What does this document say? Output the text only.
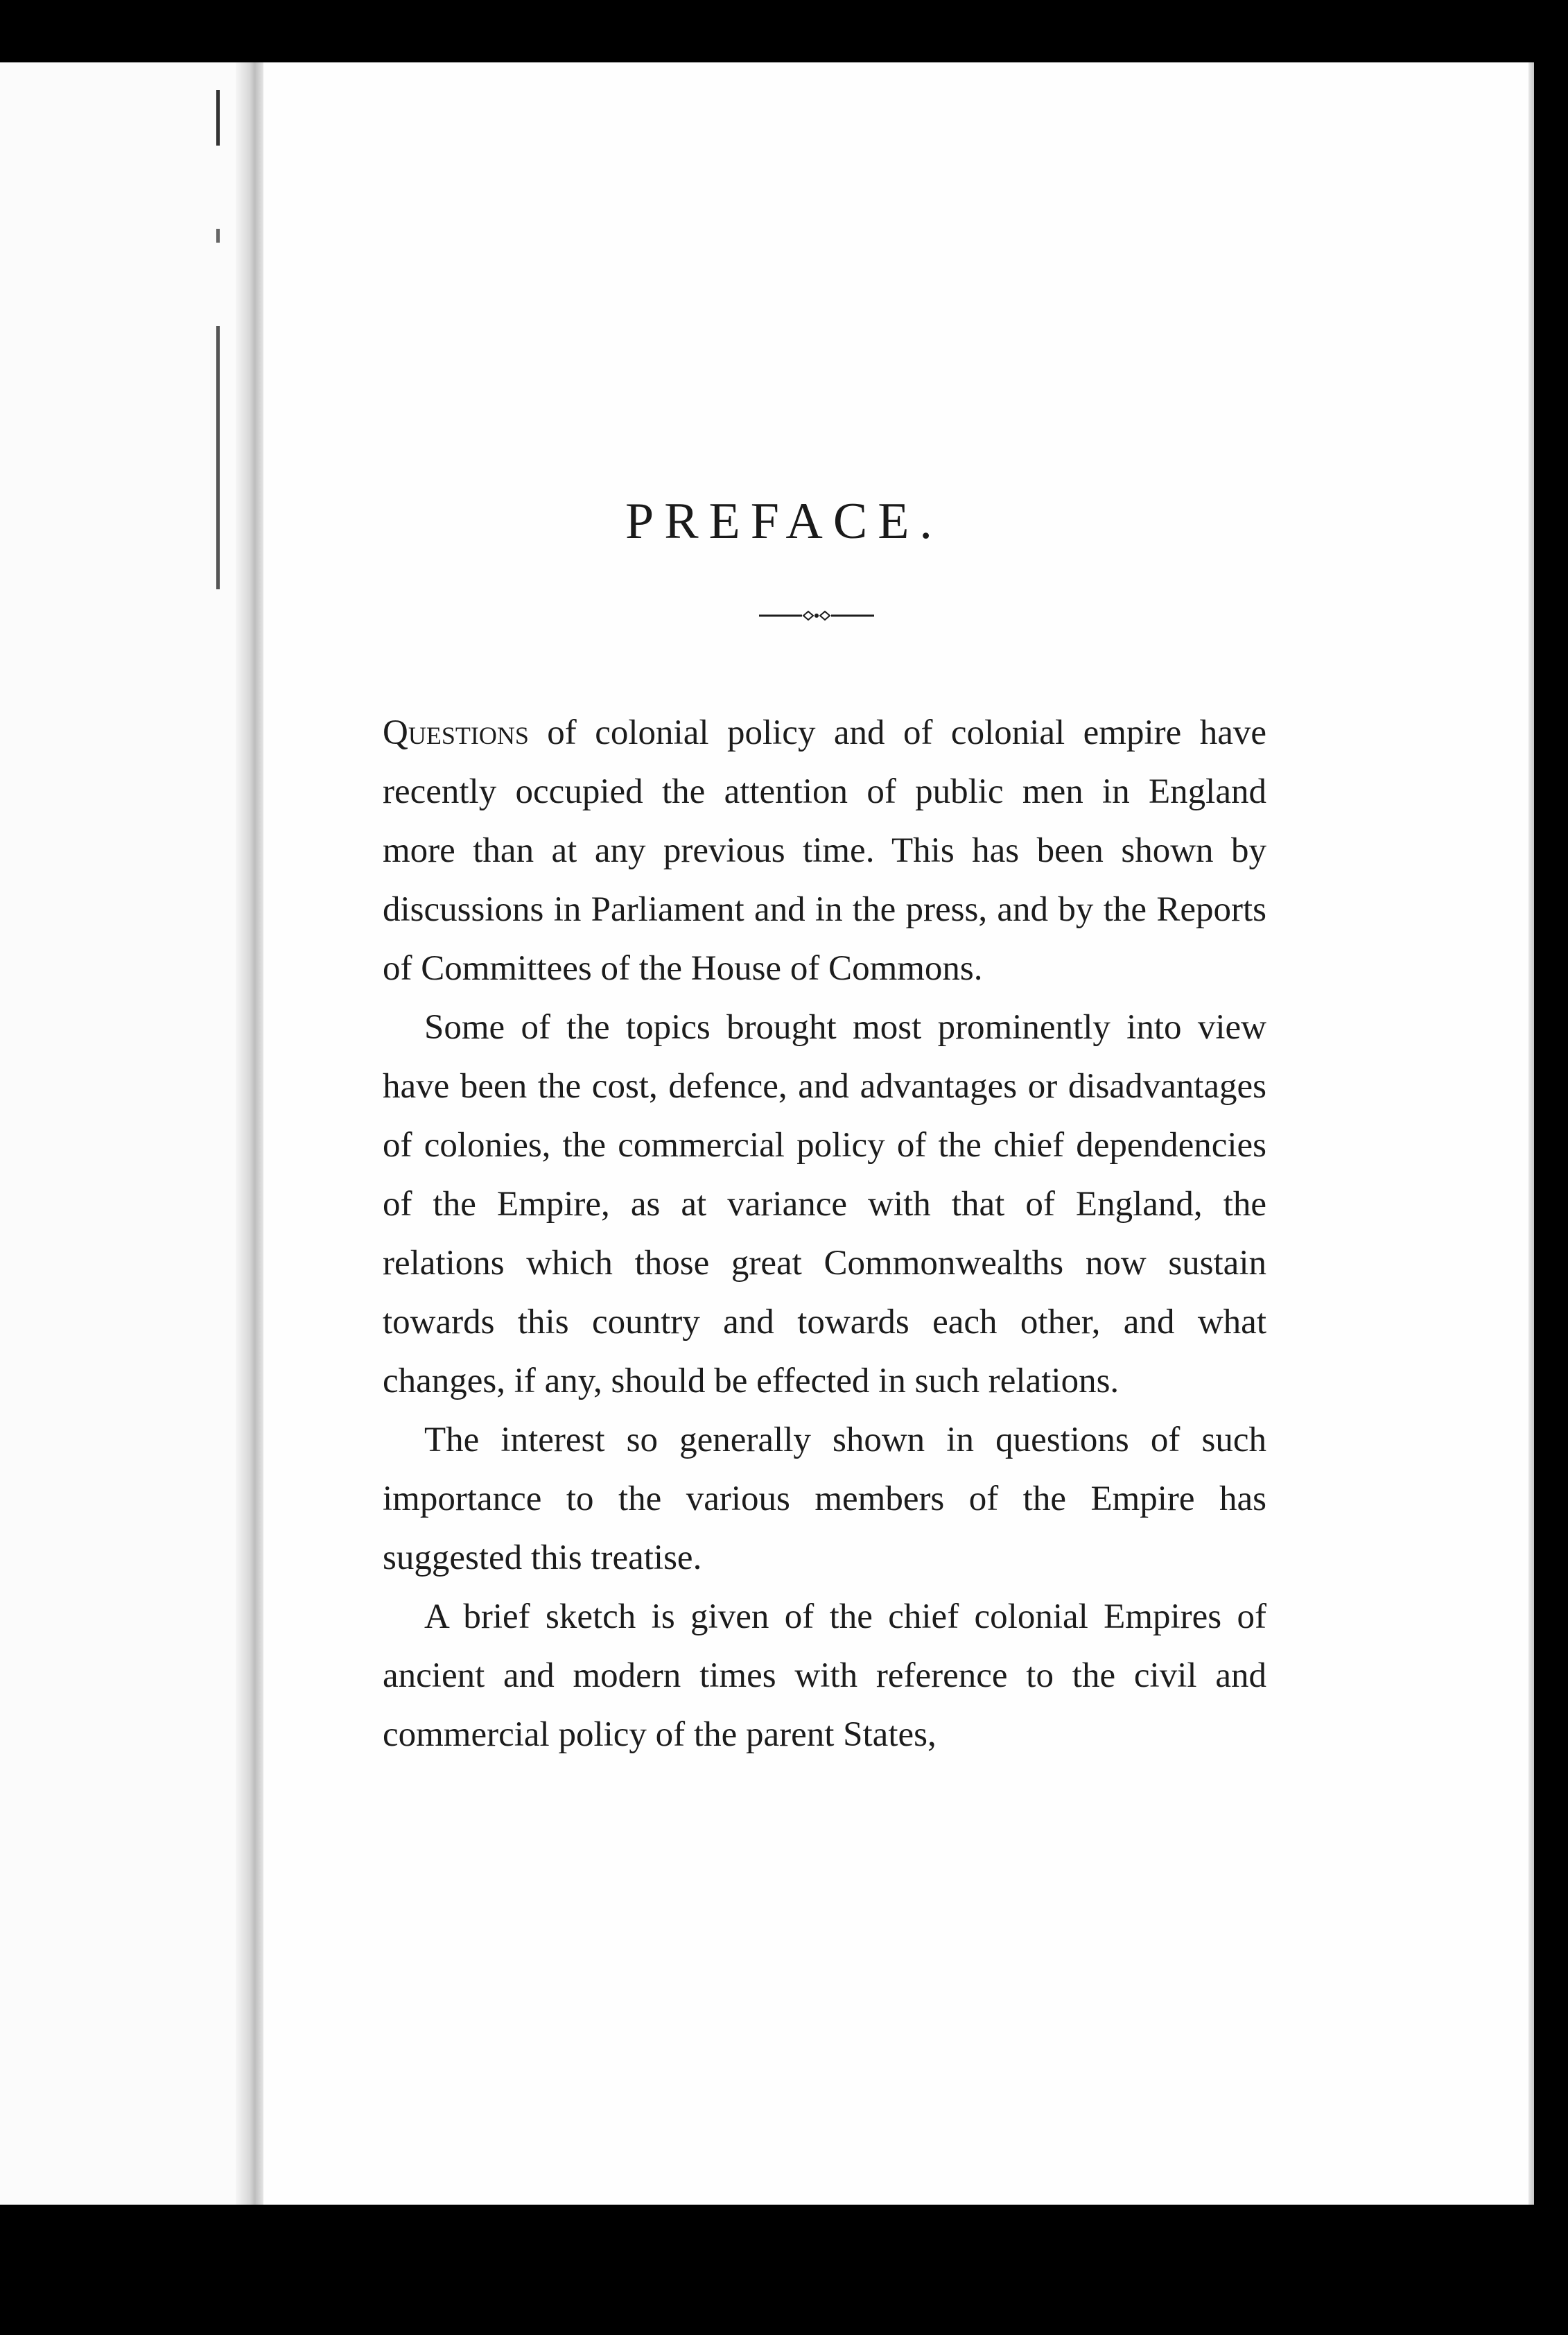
PREFACE.

Questions of colonial policy and of colonial empire have recently occupied the attention of public men in England more than at any previous time. This has been shown by discussions in Parliament and in the press, and by the Reports of Committees of the House of Commons.

Some of the topics brought most prominently into view have been the cost, defence, and advantages or disadvantages of colonies, the commercial policy of the chief dependencies of the Empire, as at variance with that of England, the relations which those great Commonwealths now sustain towards this country and towards each other, and what changes, if any, should be effected in such relations.

The interest so generally shown in questions of such importance to the various members of the Empire has suggested this treatise.

A brief sketch is given of the chief colonial Empires of ancient and modern times with reference to the civil and commercial policy of the parent States,
